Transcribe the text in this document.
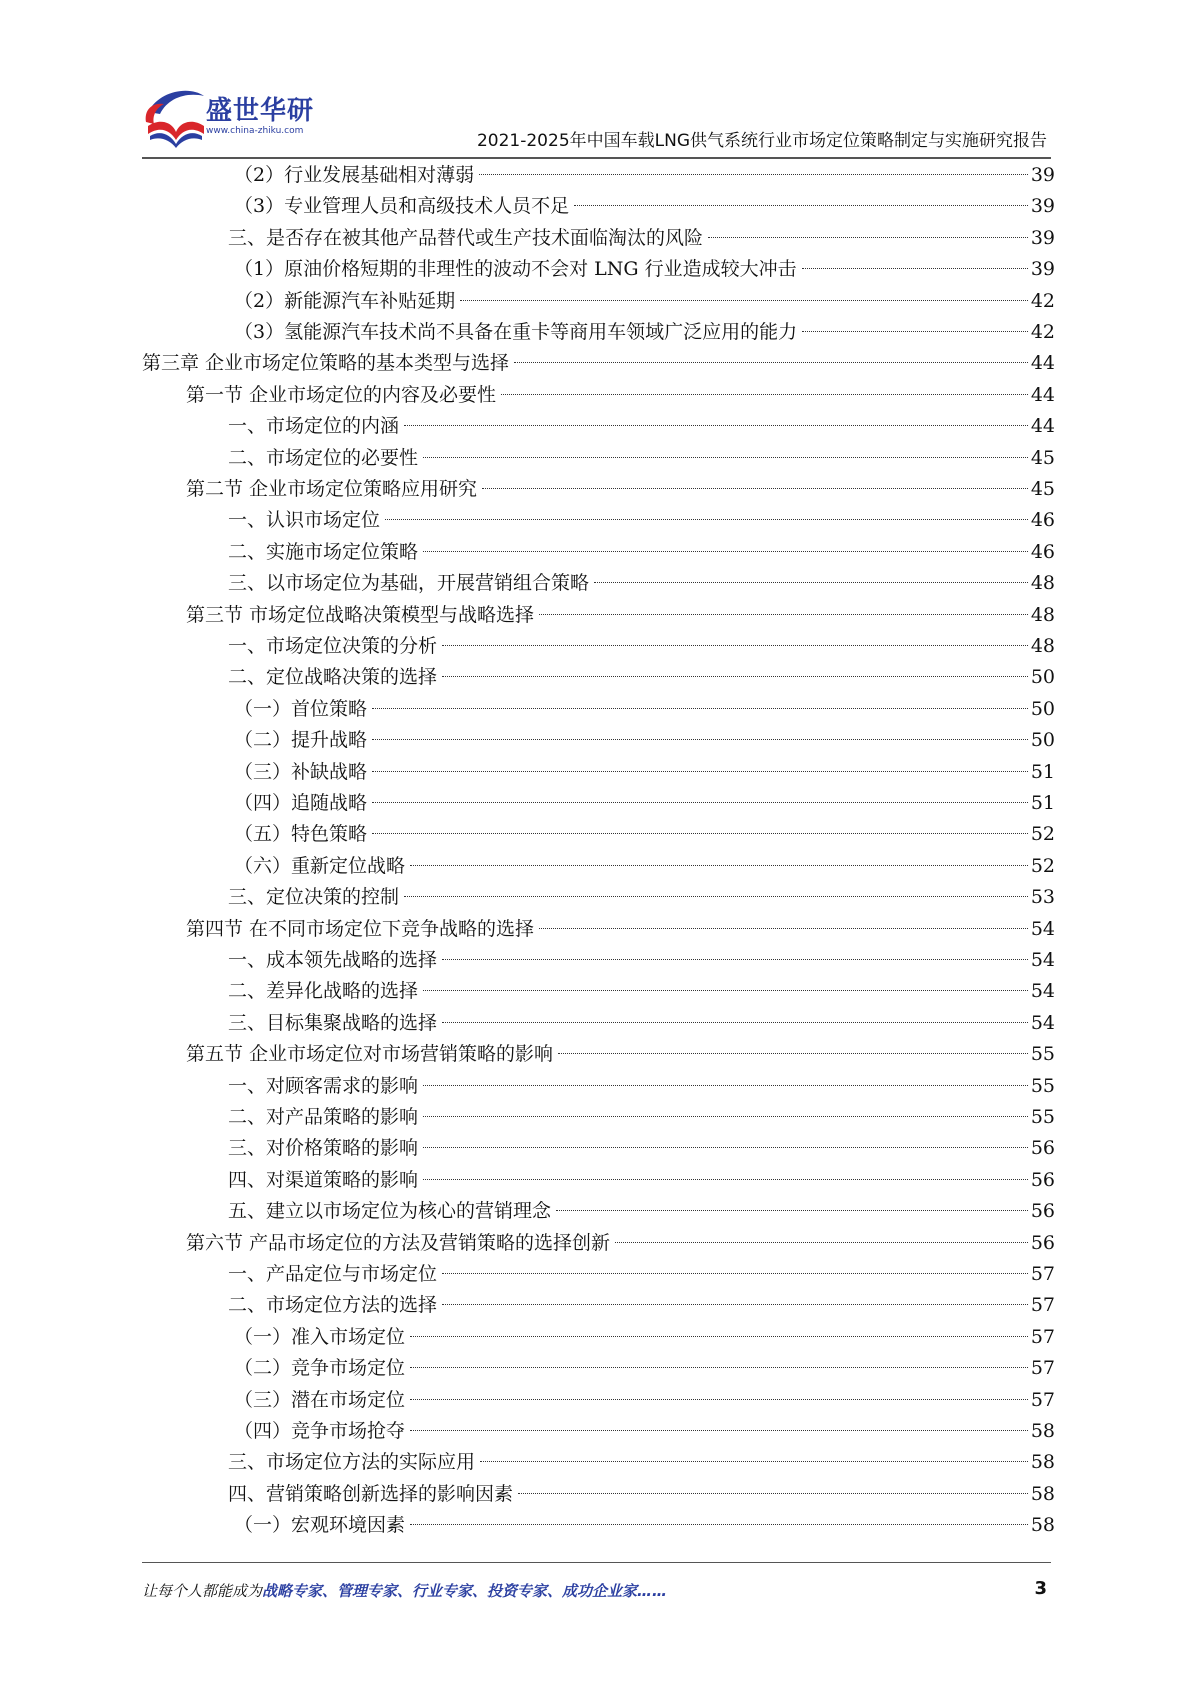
盛世华研
www.china-zhiku.com	2021-2025年中国车载LNG供气系统行业市场定位策略制定与实施研究报告
（2）行业发展基础相对薄弱	39
（3）专业管理人员和高级技术人员不足	39
三、是否存在被其他产品替代或生产技术面临淘汰的风险	39
（1）原油价格短期的非理性的波动不会对 LNG 行业造成较大冲击	39
（2）新能源汽车补贴延期	42
（3）氢能源汽车技术尚不具备在重卡等商用车领域广泛应用的能力	42
第三章 企业市场定位策略的基本类型与选择	44
第一节 企业市场定位的内容及必要性	44
一、市场定位的内涵	44
二、市场定位的必要性	45
第二节 企业市场定位策略应用研究	45
一、认识市场定位	46
二、实施市场定位策略	46
三、以市场定位为基础，开展营销组合策略	48
第三节 市场定位战略决策模型与战略选择	48
一、市场定位决策的分析	48
二、定位战略决策的选择	50
（一）首位策略	50
（二）提升战略	50
（三）补缺战略	51
（四）追随战略	51
（五）特色策略	52
（六）重新定位战略	52
三、定位决策的控制	53
第四节 在不同市场定位下竞争战略的选择	54
一、成本领先战略的选择	54
二、差异化战略的选择	54
三、目标集聚战略的选择	54
第五节 企业市场定位对市场营销策略的影响	55
一、对顾客需求的影响	55
二、对产品策略的影响	55
三、对价格策略的影响	56
四、对渠道策略的影响	56
五、建立以市场定位为核心的营销理念	56
第六节 产品市场定位的方法及营销策略的选择创新	56
一、产品定位与市场定位	57
二、市场定位方法的选择	57
（一）准入市场定位	57
（二）竞争市场定位	57
（三）潜在市场定位	57
（四）竞争市场抢夺	58
三、市场定位方法的实际应用	58
四、营销策略创新选择的影响因素	58
（一）宏观环境因素	58
让每个人都能成为战略专家、管理专家、行业专家、投资专家、成功企业家……	3
